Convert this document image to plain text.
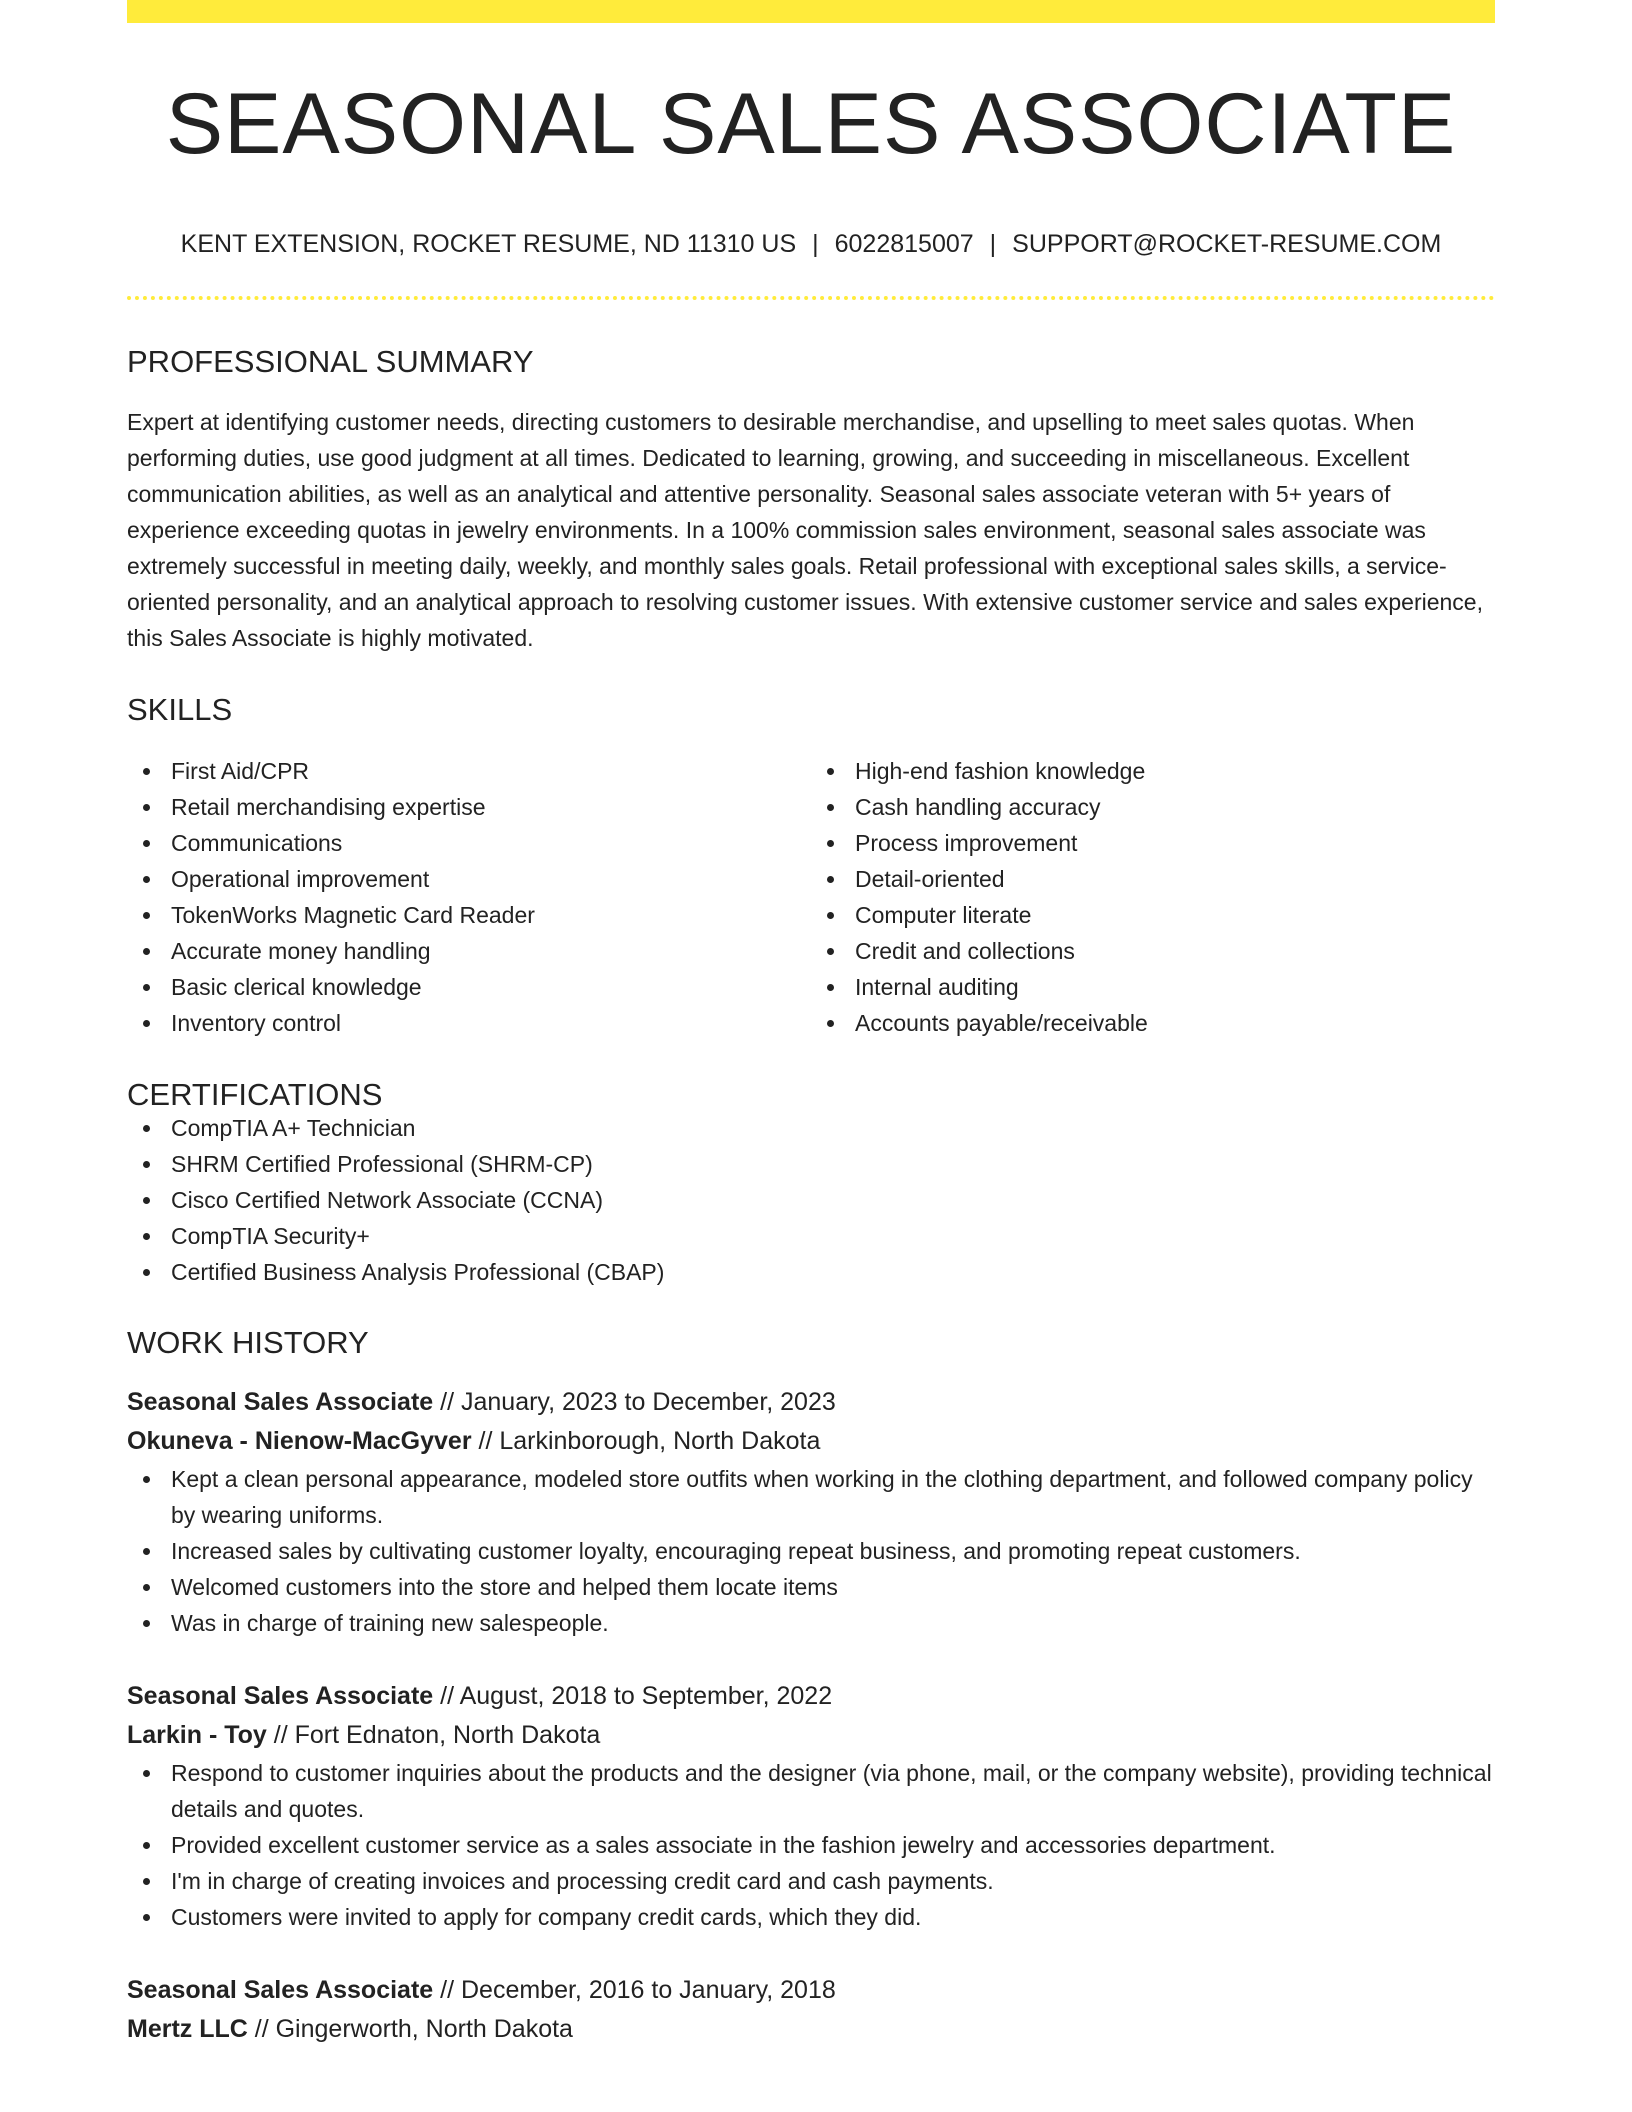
SEASONAL SALES ASSOCIATE
KENT EXTENSION, ROCKET RESUME, ND 11310 US | 6022815007 | SUPPORT@ROCKET-RESUME.COM
PROFESSIONAL SUMMARY
Expert at identifying customer needs, directing customers to desirable merchandise, and upselling to meet sales quotas. When performing duties, use good judgment at all times. Dedicated to learning, growing, and succeeding in miscellaneous. Excellent communication abilities, as well as an analytical and attentive personality. Seasonal sales associate veteran with 5+ years of experience exceeding quotas in jewelry environments. In a 100% commission sales environment, seasonal sales associate was extremely successful in meeting daily, weekly, and monthly sales goals. Retail professional with exceptional sales skills, a service-oriented personality, and an analytical approach to resolving customer issues. With extensive customer service and sales experience, this Sales Associate is highly motivated.
SKILLS
First Aid/CPR
Retail merchandising expertise
Communications
Operational improvement
TokenWorks Magnetic Card Reader
Accurate money handling
Basic clerical knowledge
Inventory control
High-end fashion knowledge
Cash handling accuracy
Process improvement
Detail-oriented
Computer literate
Credit and collections
Internal auditing
Accounts payable/receivable
CERTIFICATIONS
CompTIA A+ Technician
SHRM Certified Professional (SHRM-CP)
Cisco Certified Network Associate (CCNA)
CompTIA Security+
Certified Business Analysis Professional (CBAP)
WORK HISTORY
Seasonal Sales Associate // January, 2023 to December, 2023
Okuneva - Nienow-MacGyver // Larkinborough, North Dakota
Kept a clean personal appearance, modeled store outfits when working in the clothing department, and followed company policy by wearing uniforms.
Increased sales by cultivating customer loyalty, encouraging repeat business, and promoting repeat customers.
Welcomed customers into the store and helped them locate items
Was in charge of training new salespeople.
Seasonal Sales Associate // August, 2018 to September, 2022
Larkin - Toy // Fort Ednaton, North Dakota
Respond to customer inquiries about the products and the designer (via phone, mail, or the company website), providing technical details and quotes.
Provided excellent customer service as a sales associate in the fashion jewelry and accessories department.
I'm in charge of creating invoices and processing credit card and cash payments.
Customers were invited to apply for company credit cards, which they did.
Seasonal Sales Associate // December, 2016 to January, 2018
Mertz LLC // Gingerworth, North Dakota
